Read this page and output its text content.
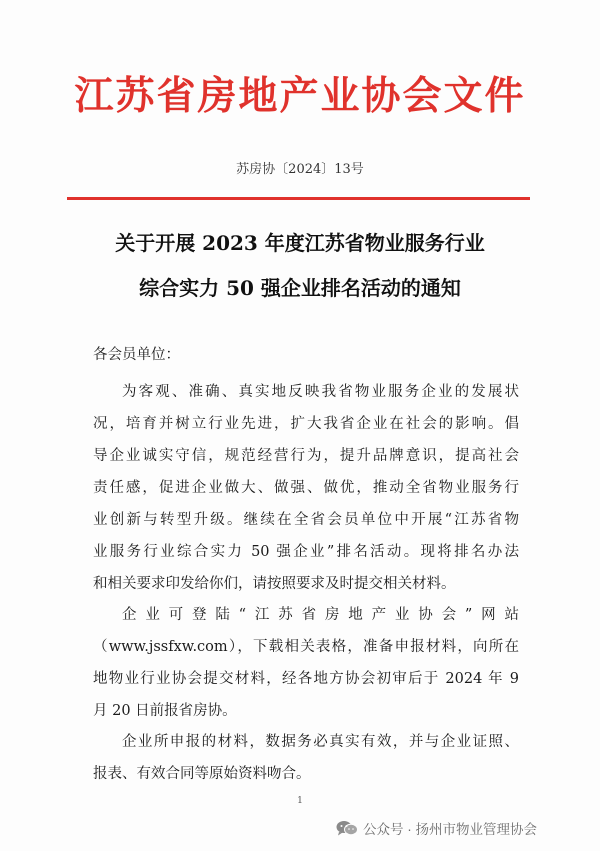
江苏省房地产业协会文件
苏房协〔2024〕13号
关于开展 2023 年度江苏省物业服务行业
综合实力 50 强企业排名活动的通知
各会员单位：
为客观、准确、真实地反映我省物业服务企业的发展状
况，培育并树立行业先进，扩大我省企业在社会的影响。倡
导企业诚实守信，规范经营行为，提升品牌意识，提高社会
责任感，促进企业做大、做强、做优，推动全省物业服务行
业创新与转型升级。继续在全省会员单位中开展“江苏省物
业服务行业综合实力 50 强企业”排名活动。现将排名办法
和相关要求印发给你们，请按照要求及时提交相关材料。
企业可登陆“江苏省房地产业协会”网站
（www.jssfxw.com），下载相关表格，准备申报材料，向所在
地物业行业协会提交材料，经各地方协会初审后于 2024 年 9
月 20 日前报省房协。
企业所申报的材料，数据务必真实有效，并与企业证照、
报表、有效合同等原始资料吻合。
1
公众号 · 扬州市物业管理协会
